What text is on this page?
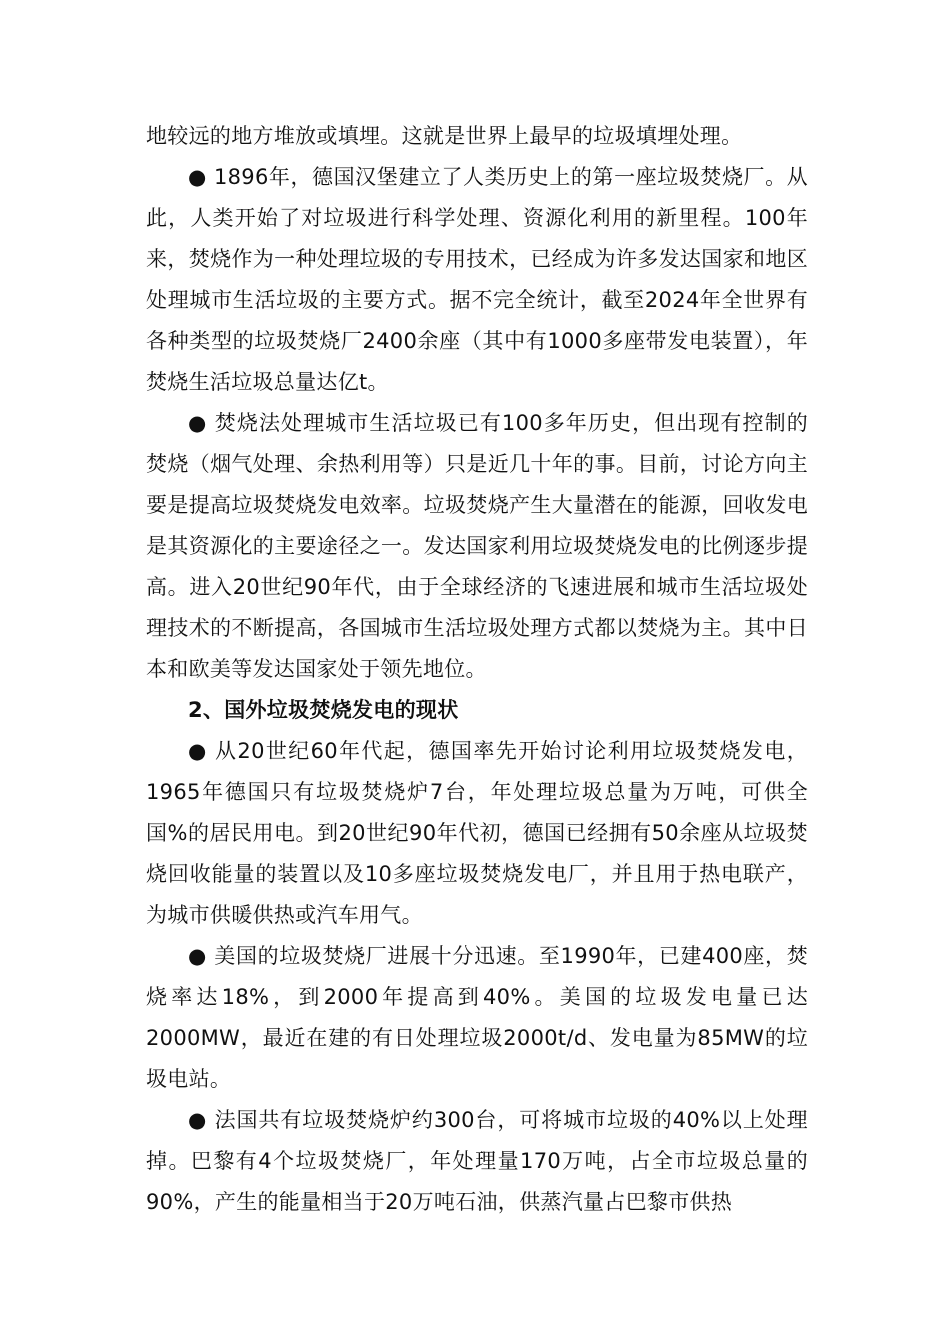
地较远的地方堆放或填埋。这就是世界上最早的垃圾填埋处理。

● 1896年，德国汉堡建立了人类历史上的第一座垃圾焚烧厂。从此，人类开始了对垃圾进行科学处理、资源化利用的新里程。100年来，焚烧作为一种处理垃圾的专用技术，已经成为许多发达国家和地区处理城市生活垃圾的主要方式。据不完全统计，截至2024年全世界有各种类型的垃圾焚烧厂2400余座（其中有1000多座带发电装置），年焚烧生活垃圾总量达亿t。

● 焚烧法处理城市生活垃圾已有100多年历史，但出现有控制的焚烧（烟气处理、余热利用等）只是近几十年的事。目前，讨论方向主要是提高垃圾焚烧发电效率。垃圾焚烧产生大量潜在的能源，回收发电是其资源化的主要途径之一。发达国家利用垃圾焚烧发电的比例逐步提高。进入20世纪90年代，由于全球经济的飞速进展和城市生活垃圾处理技术的不断提高，各国城市生活垃圾处理方式都以焚烧为主。其中日本和欧美等发达国家处于领先地位。

2、国外垃圾焚烧发电的现状

● 从20世纪60年代起，德国率先开始讨论利用垃圾焚烧发电，1965年德国只有垃圾焚烧炉7台，年处理垃圾总量为万吨，可供全国%的居民用电。到20世纪90年代初，德国已经拥有50余座从垃圾焚烧回收能量的装置以及10多座垃圾焚烧发电厂，并且用于热电联产，为城市供暖供热或汽车用气。

● 美国的垃圾焚烧厂进展十分迅速。至1990年，已建400座，焚烧率达18%，到2000年提高到40%。美国的垃圾发电量已达2000MW，最近在建的有日处理垃圾2000t/d、发电量为85MW的垃圾电站。

● 法国共有垃圾焚烧炉约300台，可将城市垃圾的40%以上处理掉。巴黎有4个垃圾焚烧厂，年处理量170万吨，占全市垃圾总量的90%，产生的能量相当于20万吨石油，供蒸汽量占巴黎市供热
